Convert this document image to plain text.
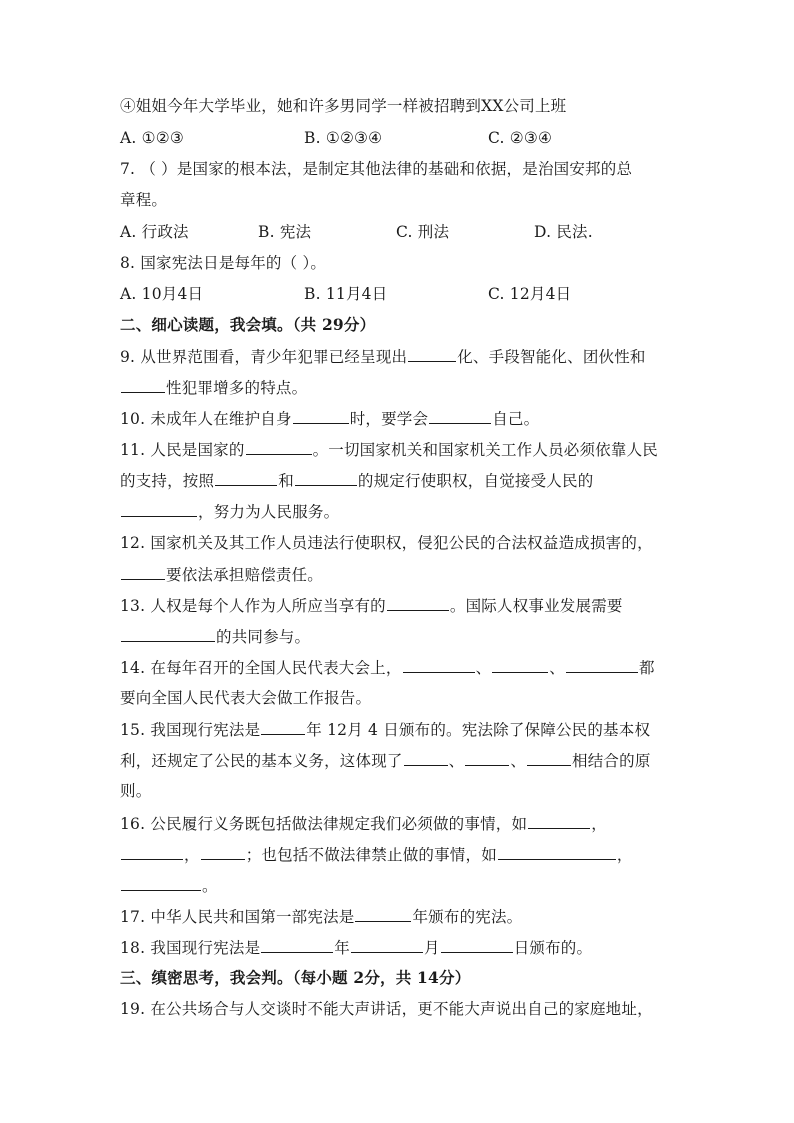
④姐姐今年大学毕业，她和许多男同学一样被招聘到XX公司上班
A. ①②③	B. ①②③④	C. ②③④
7. （ ）是国家的根本法，是制定其他法律的基础和依据，是治国安邦的总
章程。
A. 行政法	B. 宪法	C. 刑法	D. 民法.
8. 国家宪法日是每年的（ ）。
A. 10月4日	B. 11月4日	C. 12月4日
二、细心读题，我会填。（共 29分）
9. 从世界范围看，青少年犯罪已经呈现出	化、手段智能化、团伙性和
性犯罪增多的特点。
10. 未成年人在维护自身	时，要学会	自己。
11. 人民是国家的	。一切国家机关和国家机关工作人员必须依靠人民
的支持，按照	和	的规定行使职权，自觉接受人民的
，努力为人民服务。
12. 国家机关及其工作人员违法行使职权，侵犯公民的合法权益造成损害的，
要依法承担赔偿责任。
13. 人权是每个人作为人所应当享有的	。国际人权事业发展需要
的共同参与。
14. 在每年召开的全国人民代表大会上，	、	、	都
要向全国人民代表大会做工作报告。
15. 我国现行宪法是	年 12月 4 日颁布的。宪法除了保障公民的基本权
利，还规定了公民的基本义务，这体现了	、	、	相结合的原
则。
16. 公民履行义务既包括做法律规定我们必须做的事情，如	，
，	；也包括不做法律禁止做的事情，如	，
。
17. 中华人民共和国第一部宪法是	年颁布的宪法。
18. 我国现行宪法是	年	月	日颁布的。
三、缜密思考，我会判。（每小题 2分，共 14分）
19. 在公共场合与人交谈时不能大声讲话，更不能大声说出自己的家庭地址，
